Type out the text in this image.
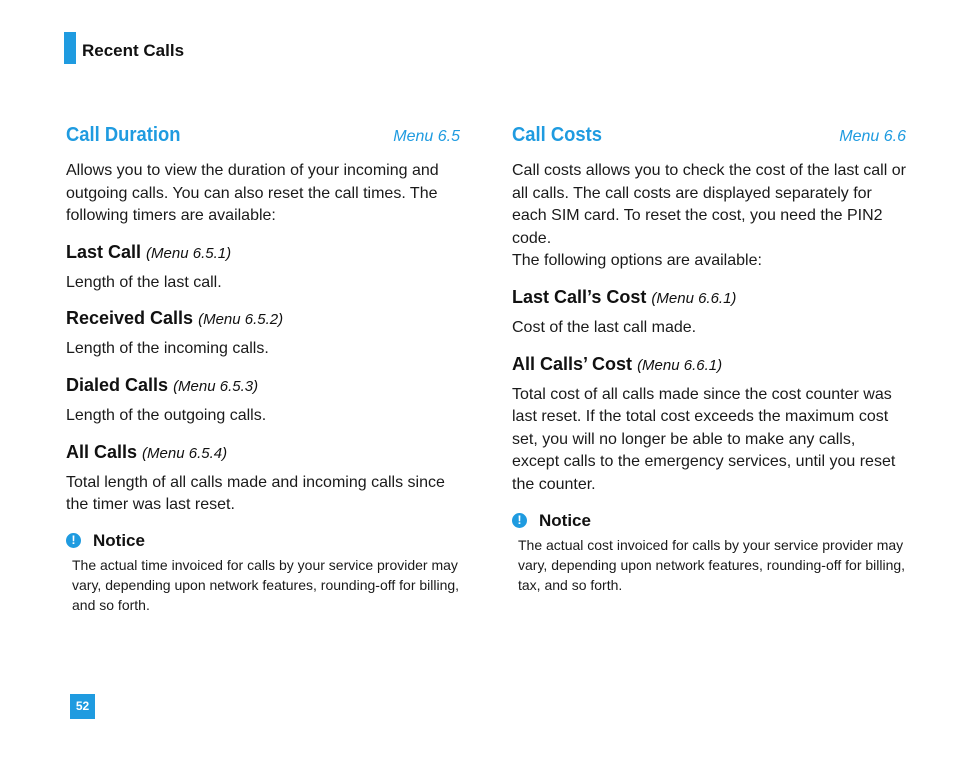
Recent Calls
Call Duration	Menu 6.5

Allows you to view the duration of your incoming and outgoing calls. You can also reset the call times. The following timers are available:

Last Call (Menu 6.5.1)

Length of the last call.

Received Calls (Menu 6.5.2)

Length of the incoming calls.

Dialed Calls (Menu 6.5.3)

Length of the outgoing calls.

All Calls (Menu 6.5.4)

Total length of all calls made and incoming calls since the timer was last reset.

!	Notice

The actual time invoiced for calls by your service provider may vary, depending upon network features, rounding-off for billing, and so forth.

Call Costs	Menu 6.6

Call costs allows you to check the cost of the last call or all calls. The call costs are displayed separately for each SIM card. To reset the cost, you need the PIN2 code.

The following options are available:

Last Call’s Cost (Menu 6.6.1)

Cost of the last call made.

All Calls’ Cost (Menu 6.6.1)

Total cost of all calls made since the cost counter was last reset. If the total cost exceeds the maximum cost set, you will no longer be able to make any calls, except calls to the emergency services, until you reset the counter.

!	Notice

The actual cost invoiced for calls by your service provider may vary, depending upon network features, rounding-off for billing, tax, and so forth.

52
